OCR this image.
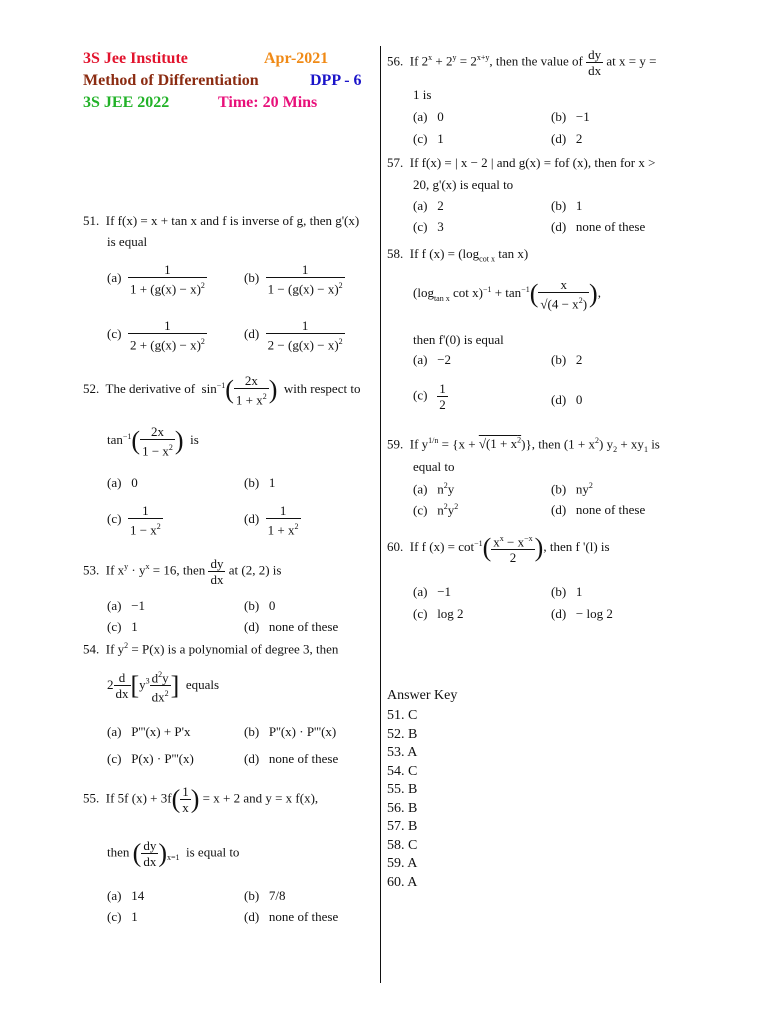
3S Jee Institute	Apr-2021
Method of Differentiation	DPP - 6
3S JEE 2022	Time: 20 Mins
51. If f(x) = x + tan x and f is inverse of g, then g'(x)
is equal
$(a) \frac{1}{1 + (g(x) - x)^2}$	$(b) \frac{1}{1 - (g(x) - x)^2}$
$(c) \frac{1}{2 + (g(x) - x)^2}$	$(d) \frac{1}{2 - (g(x) - x)^2}$
52. The derivative of $\sin^{-1}( \frac{2x}{1 + x^2}$ ) with respect to
$\tan^{-1}( \frac{2x}{1 - x^2}$ ) is
(a) 0	(b) 1
$(c) \frac{1}{1 - x^2}$	$(d) \frac{1}{1 + x^2}$
53. If $x^y \cdot y^x = 16$, then $\frac{dy}{dx}$ at (2, 2) is
(a) −1	(b) 0
(c) 1	(d) none of these
54. If $y^2 = P(x)$ is a polynomial of degree 3, then
$2 \frac{d}{dx} [y^3 \frac{d^2y}{dx^2}$ ] equals
(a) P'''(x) + P'x	(b) P''(x) · P'''(x)
(c) P(x) · P'''(x)	(d) none of these
55. If 5f $(x) + 3f( \frac{1}{x}$ ) = x + 2 and y = x f(x),
then ( $\frac{dy}{dx} )_{x=1}$ is equal to
(a) 14	(b) 7/8
(c) 1	(d) none of these
56. If $2^x + 2^y = 2^{x+y}$, then the value of $\frac{dy}{dx}$ at x = y =
1 is
(a) 0	(b) −1
(c) 1	(d) 2
57. If f(x) = | x − 2 | and g(x) = fof (x), then for x >
20, g'(x) is equal to
(a) 2	(b) 1
(c) 3	(d) none of these
58. If f $(x) = (\log_{cot x}$ tan x)
($\log_{tan x}$ $\cot x)^{-1} + \tan^{-1}( \frac{x}{√(4 - x^2)}$ ),
then f'(0) is equal
(a) −2	(b) 2
$(c) \frac{1}{2}$	(d) 0
59. If $y^{1/n} = \{x + √(1 + x^2)\}$, then $(1 + x^2)$ $y_2 + xy_1$ is
equal to
(a) $n^2y$	(b) $ny^2$
(c) $n^2y^2$	(d) none of these
60. If f $(x) = \cot^{-1}( \frac{x^x - x^{-x}}{2}$ ), then f '(l) is
(a) −1	(b) 1
(c) log 2	(d) − log 2
Answer Key
51. C
52. B
53. A
54. C
55. B
56. B
57. B
58. C
59. A
60. A
